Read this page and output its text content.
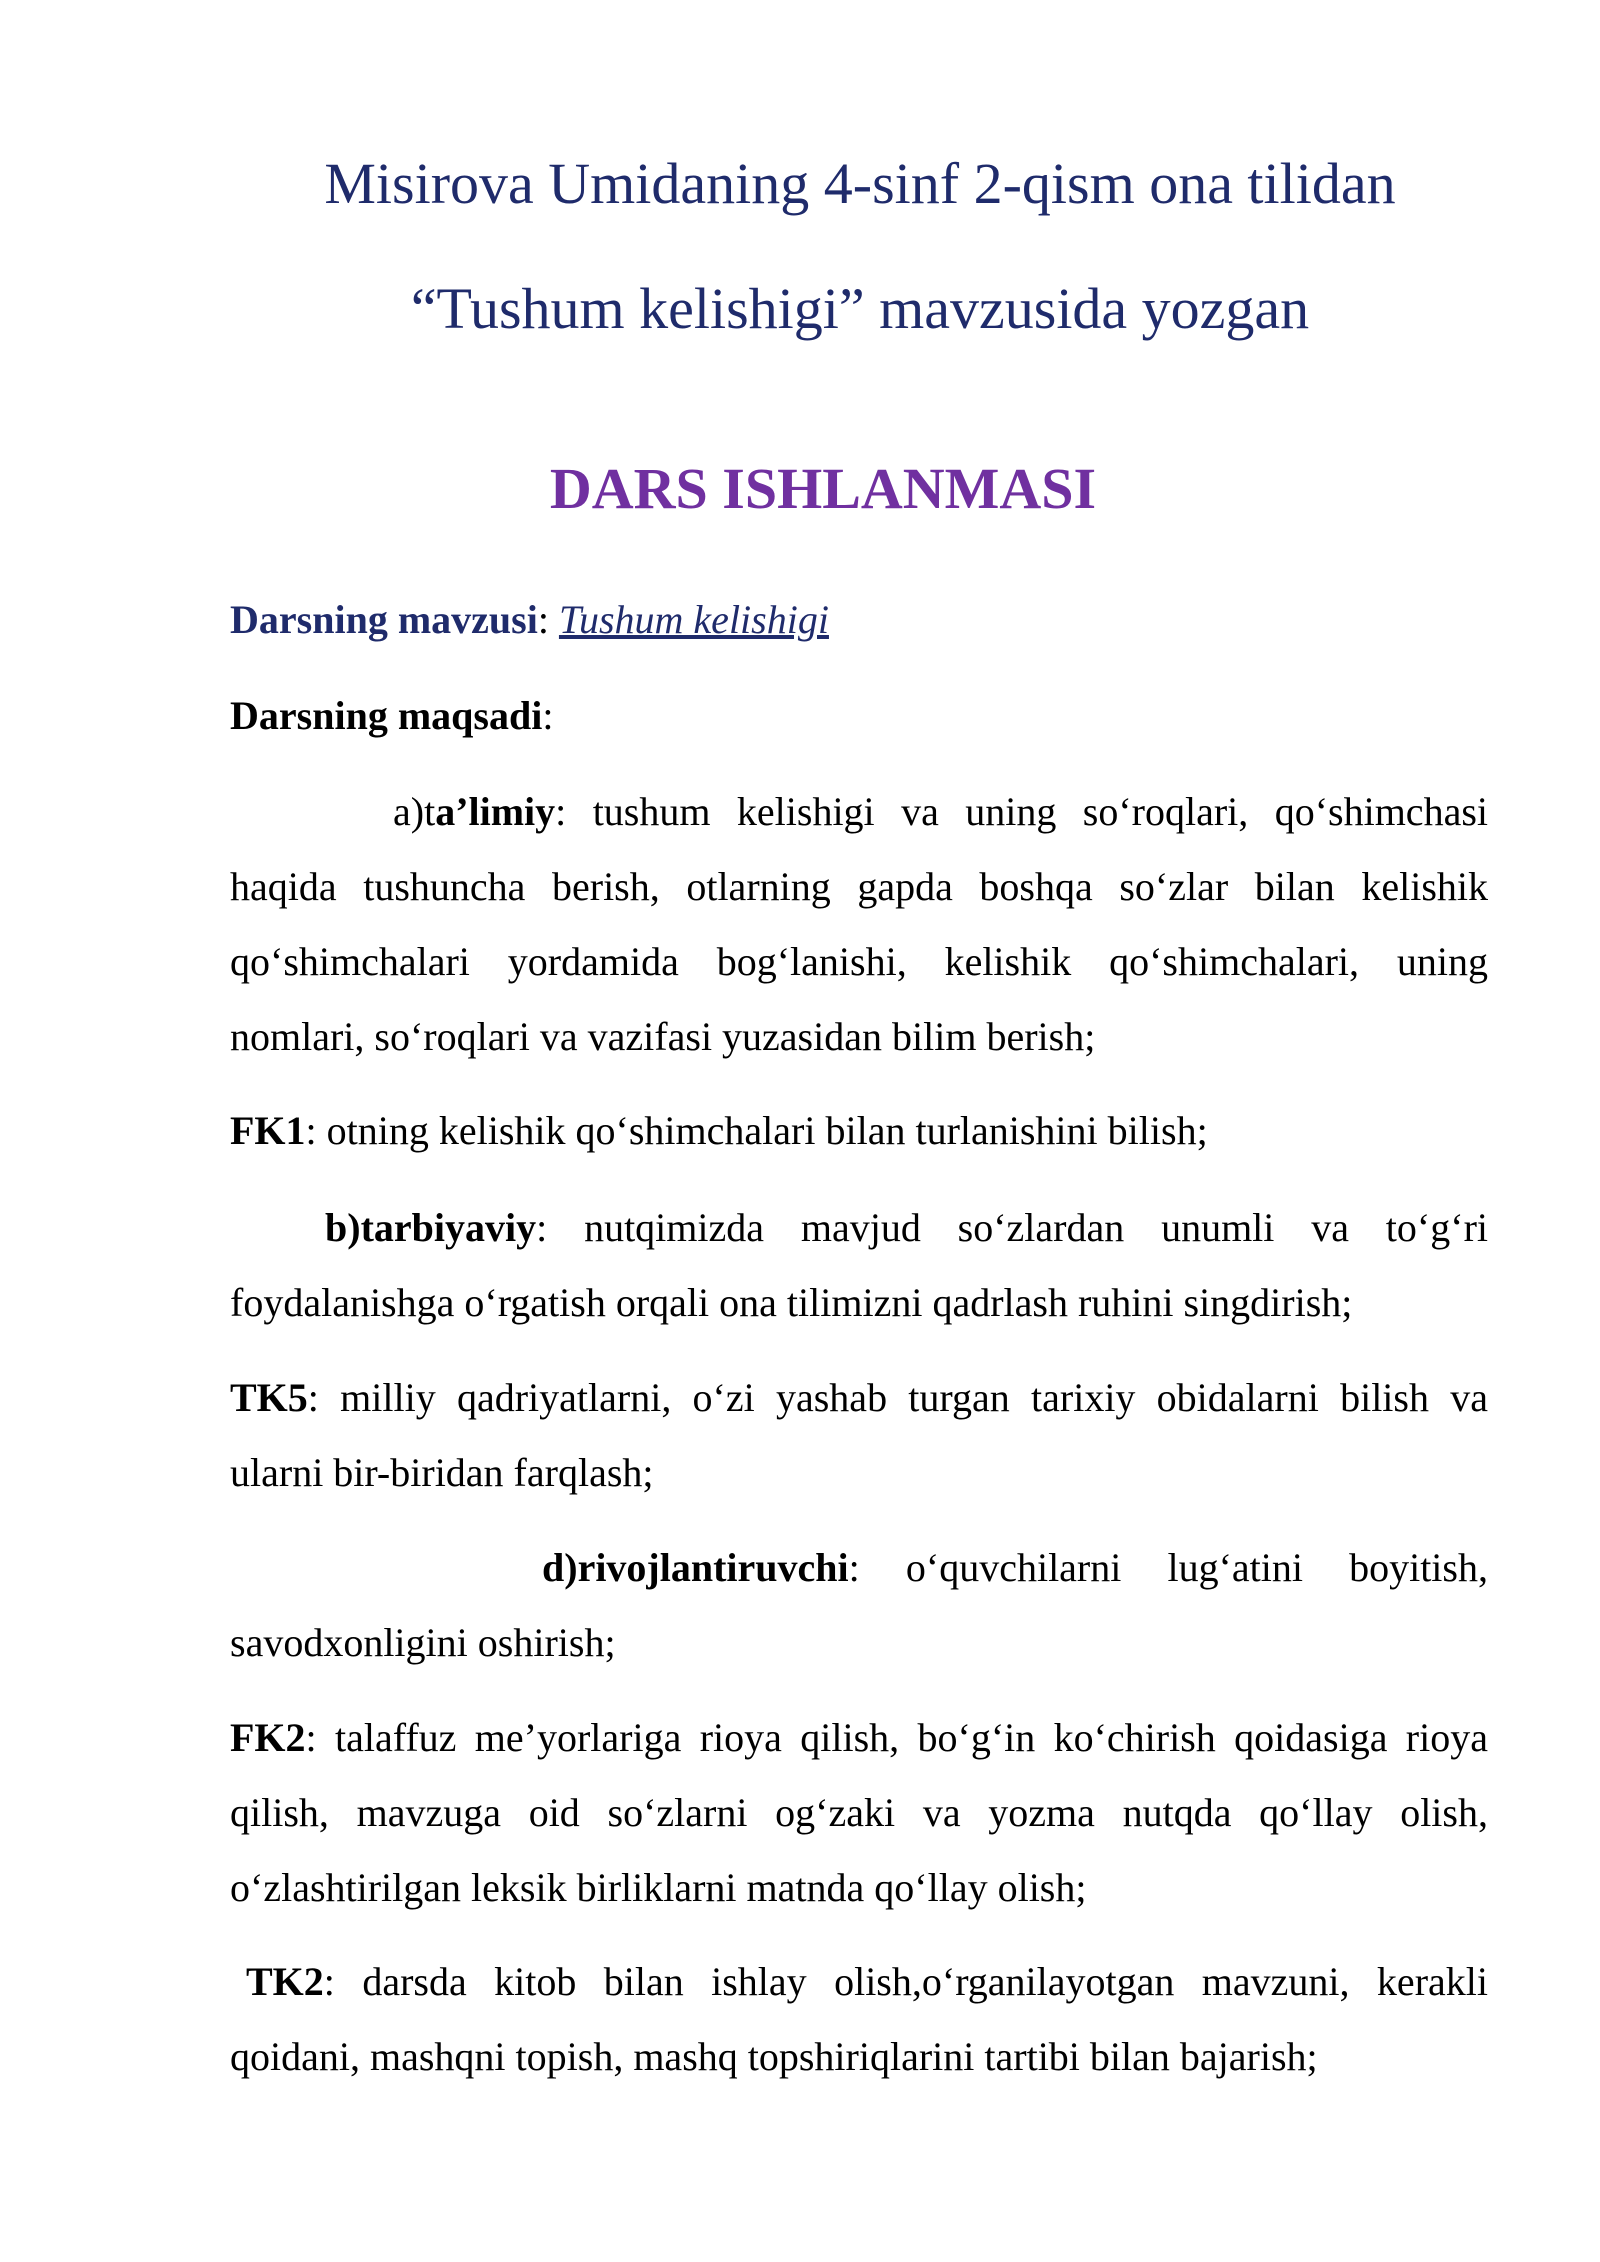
Misirova Umidaning 4-sinf 2-qism ona tilidan
“Tushum kelishigi” mavzusida yozgan
DARS ISHLANMASI
Darsning mavzusi: Tushum kelishigi
Darsning maqsadi:
a)ta’limiy: tushum kelishigi va uning so‘roqlari, qo‘shimchasi haqida tushuncha berish, otlarning gapda boshqa so‘zlar bilan kelishik qo‘shimchalari yordamida bog‘lanishi, kelishik qo‘shimchalari, uning nomlari, so‘roqlari va vazifasi yuzasidan bilim berish;
FK1: otning kelishik qo‘shimchalari bilan turlanishini bilish;
b)tarbiyaviy: nutqimizda mavjud so‘zlardan unumli va to‘g‘ri foydalanishga o‘rgatish orqali ona tilimizni qadrlash ruhini singdirish;
TK5: milliy qadriyatlarni, o‘zi yashab turgan tarixiy obidalarni bilish va ularni bir-biridan farqlash;
d)rivojlantiruvchi: o‘quvchilarni lug‘atini boyitish, savodxonligini oshirish;
FK2: talaffuz me’yorlariga rioya qilish, bo‘g‘in ko‘chirish qoidasiga rioya qilish, mavzuga oid so‘zlarni og‘zaki va yozma nutqda qo‘llay olish, o‘zlashtirilgan leksik birliklarni matnda qo‘llay olish;
TK2: darsda kitob bilan ishlay olish,o‘rganilayotgan mavzuni, kerakli qoidani, mashqni topish, mashq topshiriqlarini tartibi bilan bajarish;
